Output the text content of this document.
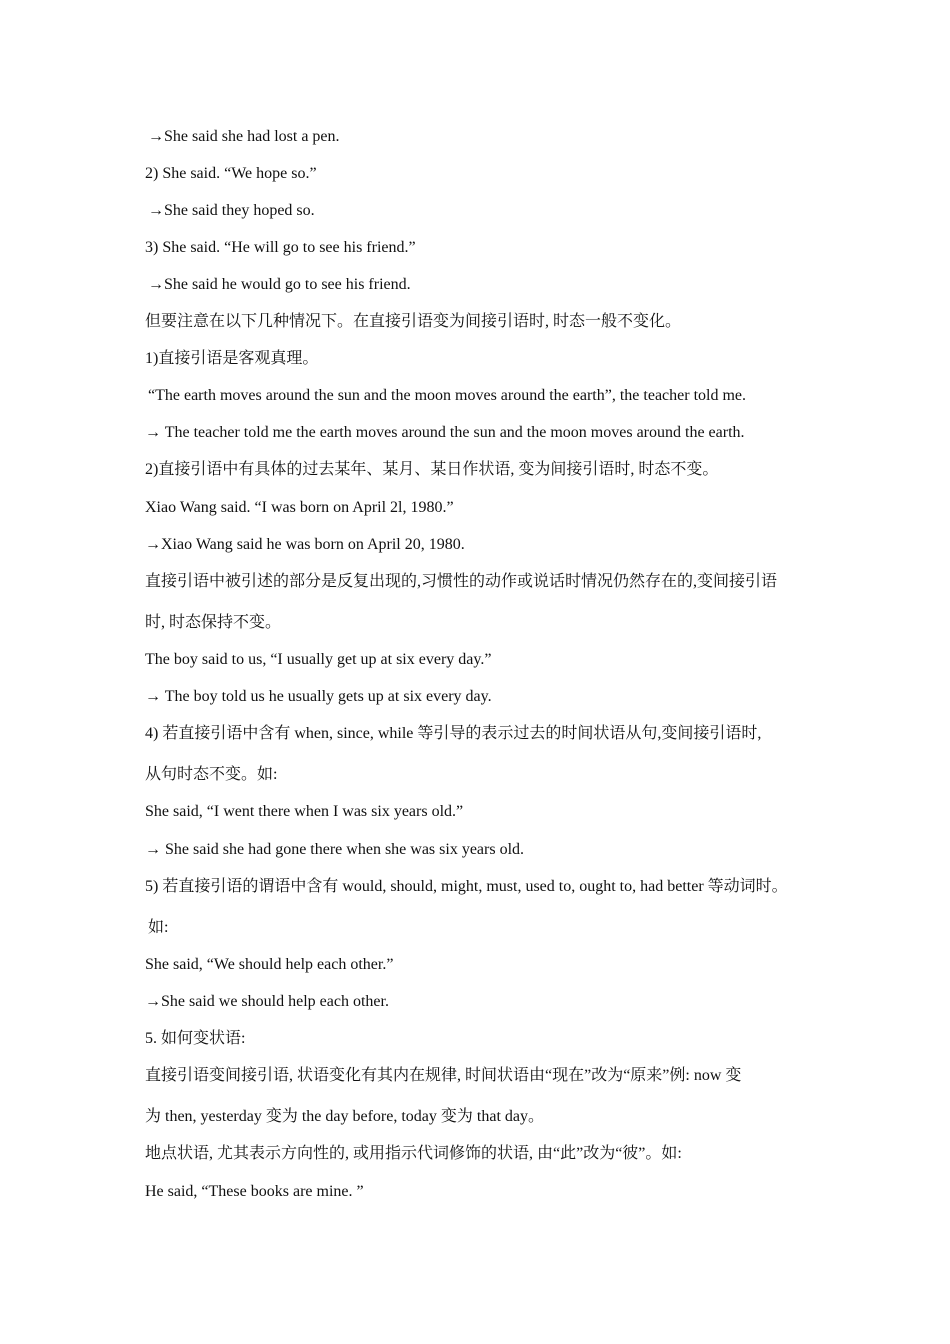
→She said she had lost a pen.
2) She said. “We hope so.”
→She said they hoped so.
3) She said. “He will go to see his friend.”
→She said he would go to see his friend.
但要注意在以下几种情况下。在直接引语变为间接引语时, 时态一般不变化。
1)直接引语是客观真理。
“The earth moves around the sun and the moon moves around the earth”, the teacher told me.
→ The teacher told me the earth moves around the sun and the moon moves around the earth.
2)直接引语中有具体的过去某年、某月、某日作状语, 变为间接引语时, 时态不变。
Xiao Wang said. “I was born on April 2l, 1980.”
→Xiao Wang said he was born on April 20, 1980.
直接引语中被引述的部分是反复出现的,习惯性的动作或说话时情况仍然存在的,变间接引语
时, 时态保持不变。
The boy said to us, “I usually get up at six every day.”
→ The boy told us he usually gets up at six every day.
4) 若直接引语中含有 when, since, while 等引导的表示过去的时间状语从句,变间接引语时,
从句时态不变。如:
She said, “I went there when I was six years old.”
→ She said she had gone there when she was six years old.
5) 若直接引语的谓语中含有 would, should, might, must, used to, ought to, had better 等动词时。
如:
She said, “We should help each other.”
→She said we should help each other.
5. 如何变状语:
直接引语变间接引语, 状语变化有其内在规律, 时间状语由“现在”改为“原来”例: now 变
为 then, yesterday 变为 the day before, today 变为 that day。
地点状语, 尤其表示方向性的, 或用指示代词修饰的状语, 由“此”改为“彼”。如:
He said, “These books are mine. ”
